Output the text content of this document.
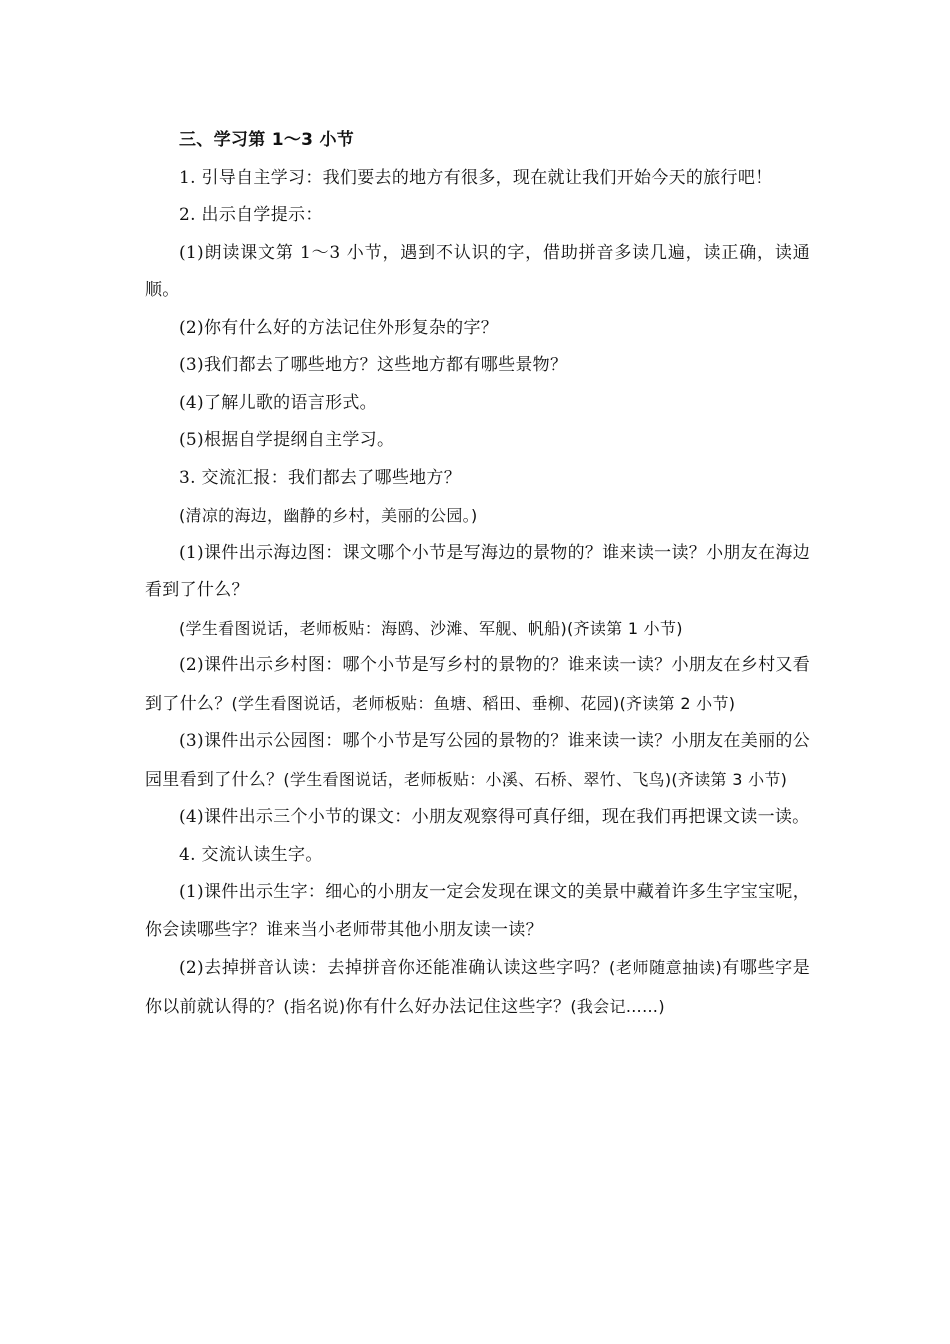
三、学习第 1～3 小节

1. 引导自主学习：我们要去的地方有很多，现在就让我们开始今天的旅行吧！

2. 出示自学提示：

(1)朗读课文第 1～3 小节，遇到不认识的字，借助拼音多读几遍，读正确，读通顺。

(2)你有什么好的方法记住外形复杂的字？

(3)我们都去了哪些地方？这些地方都有哪些景物？

(4)了解儿歌的语言形式。

(5)根据自学提纲自主学习。

3. 交流汇报：我们都去了哪些地方？

(清凉的海边，幽静的乡村，美丽的公园。)

(1)课件出示海边图：课文哪个小节是写海边的景物的？谁来读一读？小朋友在海边看到了什么？

(学生看图说话，老师板贴：海鸥、沙滩、军舰、帆船)(齐读第 1 小节)

(2)课件出示乡村图：哪个小节是写乡村的景物的？谁来读一读？小朋友在乡村又看到了什么？(学生看图说话，老师板贴：鱼塘、稻田、垂柳、花园)(齐读第 2 小节)

(3)课件出示公园图：哪个小节是写公园的景物的？谁来读一读？小朋友在美丽的公园里看到了什么？(学生看图说话，老师板贴：小溪、石桥、翠竹、飞鸟)(齐读第 3 小节)

(4)课件出示三个小节的课文：小朋友观察得可真仔细，现在我们再把课文读一读。

4. 交流认读生字。

(1)课件出示生字：细心的小朋友一定会发现在课文的美景中藏着许多生字宝宝呢，你会读哪些字？谁来当小老师带其他小朋友读一读？

(2)去掉拼音认读：去掉拼音你还能准确认读这些字吗？(老师随意抽读)有哪些字是你以前就认得的？(指名说)你有什么好办法记住这些字？(我会记……)
